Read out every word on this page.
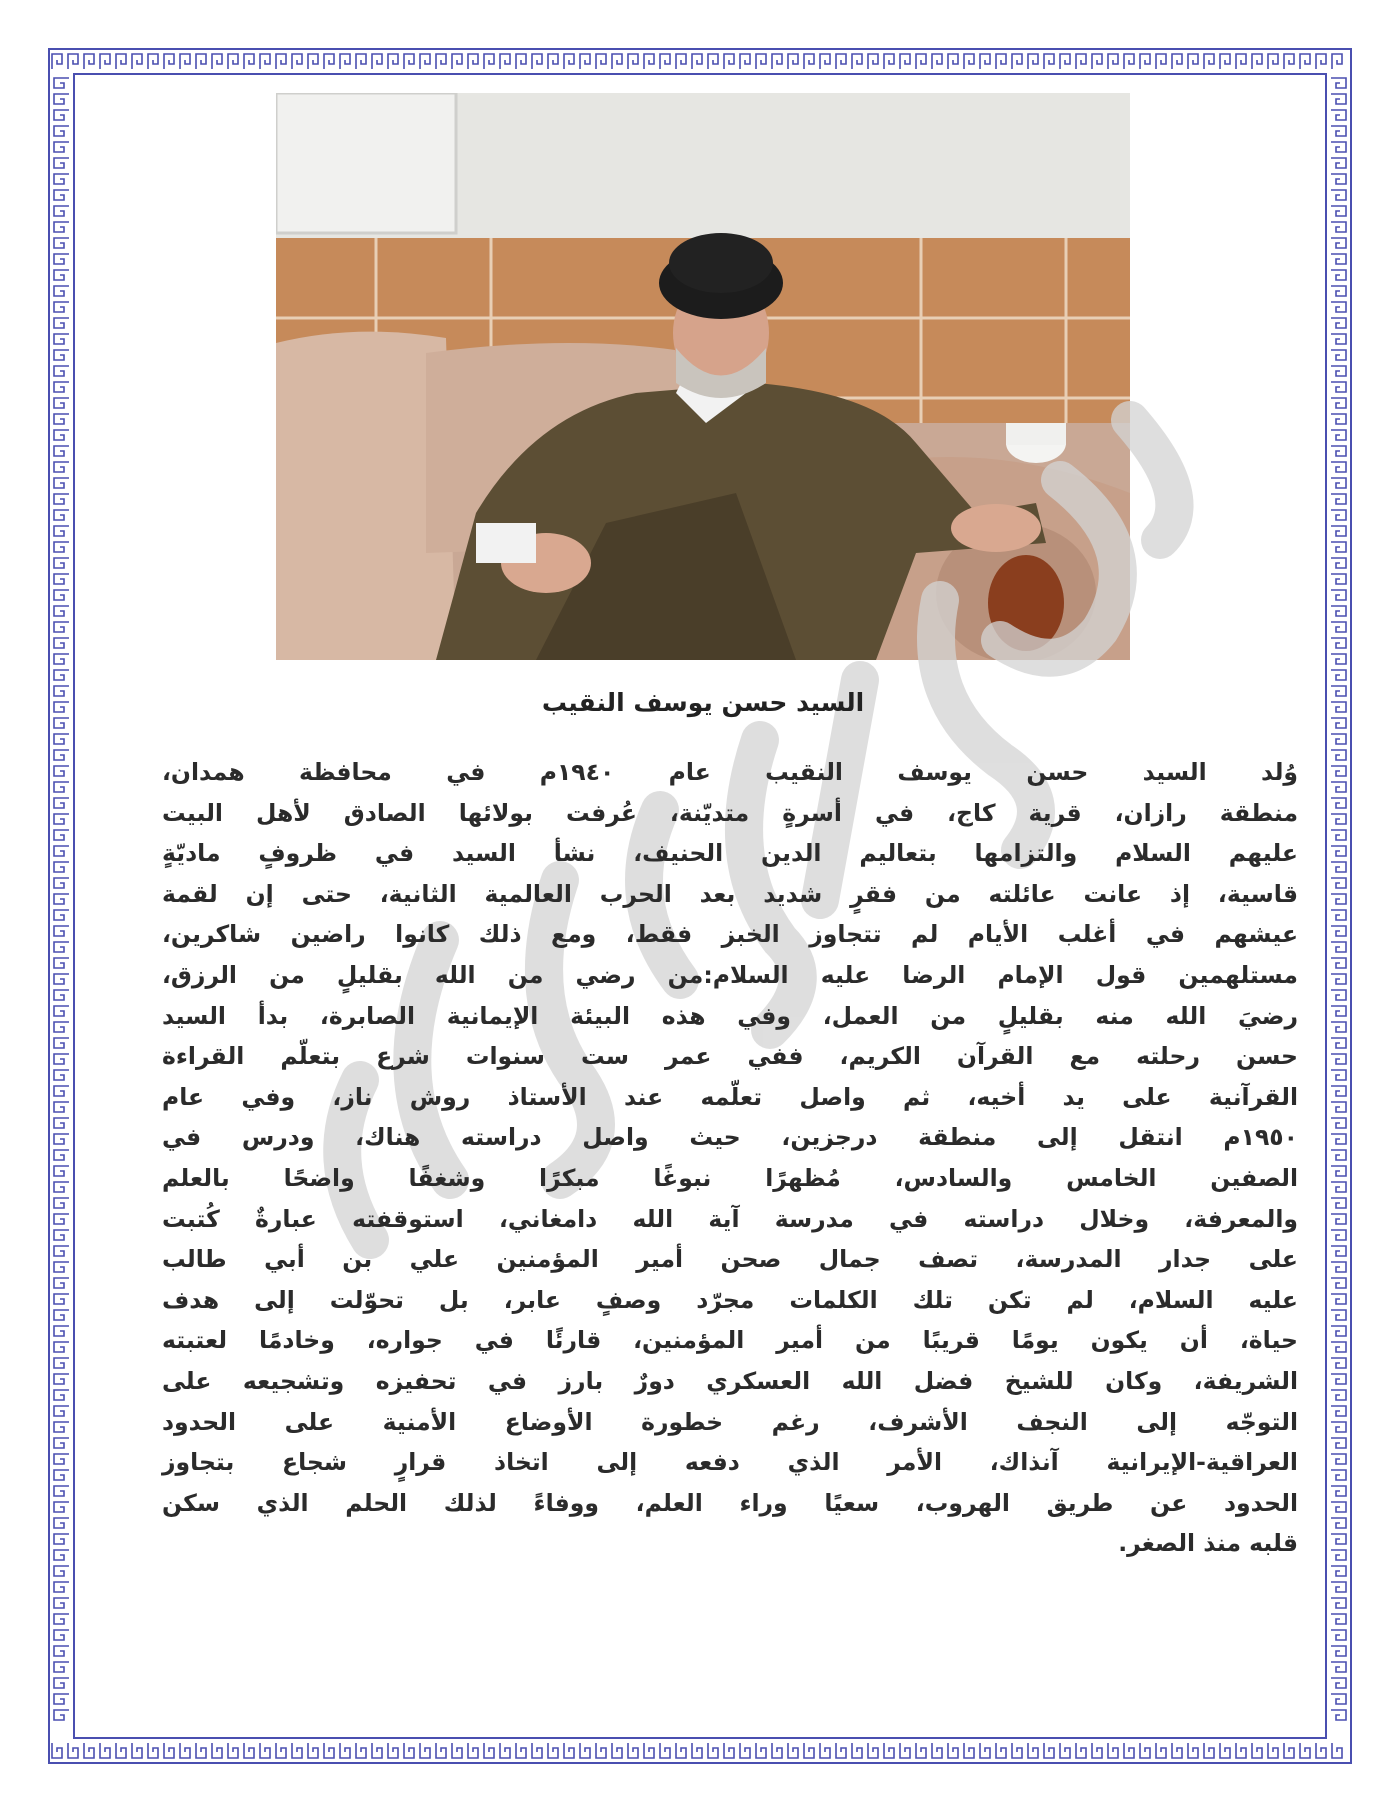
السيد حسن يوسف النقيب
وُلد السيد حسن يوسف النقيب عام ١٩٤٠م في محافظة همدان،
منطقة رازان، قرية كاج، في أسرةٍ متديّنة، عُرفت بولائها الصادق لأهل البيت
عليهم السلام والتزامها بتعاليم الدين الحنيف، نشأ السيد في ظروفٍ ماديّةٍ
قاسية، إذ عانت عائلته من فقرٍ شديد بعد الحرب العالمية الثانية، حتى إن لقمة
عيشهم في أغلب الأيام لم تتجاوز الخبز فقط، ومع ذلك كانوا راضين شاكرين،
مستلهمين قول الإمام الرضا عليه السلام:من رضي من الله بقليلٍ من الرزق،
رضيَ الله منه بقليلٍ من العمل، وفي هذه البيئة الإيمانية الصابرة، بدأ السيد
حسن رحلته مع القرآن الكريم، ففي عمر ست سنوات شرع بتعلّم القراءة
القرآنية على يد أخيه، ثم واصل تعلّمه عند الأستاذ روش ناز، وفي عام
١٩٥٠م انتقل إلى منطقة درجزين، حيث واصل دراسته هناك، ودرس في
الصفين الخامس والسادس، مُظهرًا نبوغًا مبكرًا وشغفًا واضحًا بالعلم
والمعرفة، وخلال دراسته في مدرسة آية الله دامغاني، استوقفته عبارةٌ كُتبت
على جدار المدرسة، تصف جمال صحن أمير المؤمنين علي بن أبي طالب
عليه السلام، لم تكن تلك الكلمات مجرّد وصفٍ عابر، بل تحوّلت إلى هدف
حياة، أن يكون يومًا قريبًا من أمير المؤمنين، قارئًا في جواره، وخادمًا لعتبته
الشريفة، وكان للشيخ فضل الله العسكري دورٌ بارز في تحفيزه وتشجيعه على
التوجّه إلى النجف الأشرف، رغم خطورة الأوضاع الأمنية على الحدود
العراقية-الإيرانية آنذاك، الأمر الذي دفعه إلى اتخاذ قرارٍ شجاع بتجاوز
الحدود عن طريق الهروب، سعيًا وراء العلم، ووفاءً لذلك الحلم الذي سكن
قلبه منذ الصغر.
